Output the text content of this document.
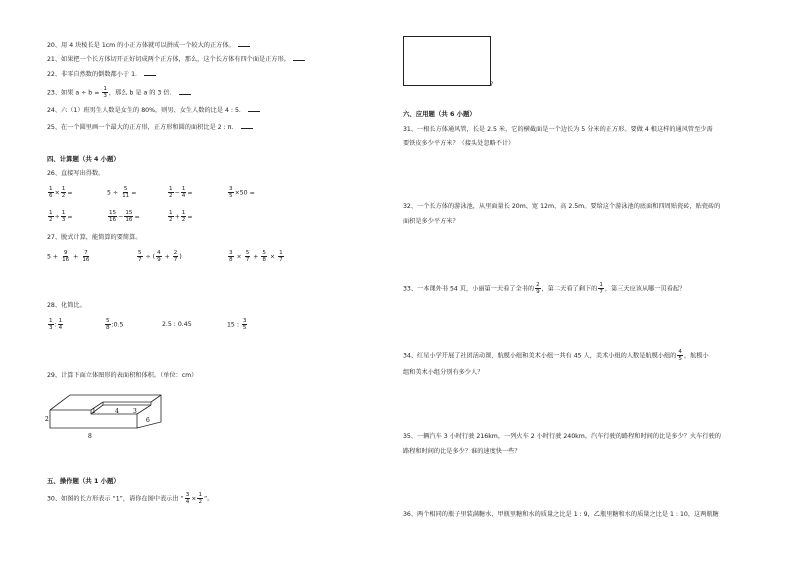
20、用 4 块棱长是 1cm 的小正方体就可以拼成一个较大的正方体。
21、如果把一个长方体切开正好切成两个正方体，那么，这个长方体有四个面是正方形。
22、非零自然数的倒数都小于 1．
23、如果 $a \div b = \frac{1}{3}$ ，那么 b 是 a 的 3 倍．
24、六（1）班男生人数是女生的 80%，则男、女生人数的比是 4 : 5．
25、在一个圆里画一个最大的正方形，正方形和圆的面积比是 2 : π．
四、计算题（共 4 小题）
26、直接写出得数。
$\frac{1}{6} \times \frac{1}{2}$ =	$5 \div \frac{5}{11}$ =	$\frac{1}{2} - \frac{1}{4}$ =	$\frac{3}{5} \times 50$ =
$\frac{1}{2} \div \frac{1}{3}$ =	$\frac{15}{16} - \frac{15}{16}$ =	$\frac{1}{2} + \frac{1}{2}$ =
27、脱式计算，能简算的要简算。
$5 + \frac{9}{16} + \frac{7}{16}$	$\frac{5}{7}$ ÷ ( $\frac{4}{9} + \frac{2}{7}$ )	$\frac{3}{8} \times \frac{5}{7} + \frac{5}{8} \times \frac{1}{7}$
28、化简比。
$\frac{1}{3}$ : $\frac{1}{4}$	$\frac{5}{8}$ :0.5	2.5 : 0.45	15 : $\frac{3}{5}$
29、计算下面立体图形的表面积和体积。（单位：cm）
2
1	4 3
6
8
五、操作题（共 1 小题）
30、如图的长方形表示 “1”，请你在图中表示出 “ $\frac{3}{4} \times \frac{1}{2}$ ”。
?
六、应用题（共 6 小题）
31、一根长方体通风管，长是 2.5 米，它的横截面是一个边长为 5 分米的正方形。要做 4 根这样的通风管至少需
要铁皮多少平方米？（接头处忽略不计）
32、一个长方体的游泳池，从里面量长 20m、宽 12m、高 2.5m。要给这个游泳池的底面和四周贴瓷砖，贴瓷砖的
面积是多少平方米？
33、一本课外书 54 页，小丽第一天看了全书的 $\frac{2}{9}$ ，第二天看了剩下的 $\frac{1}{7}$ ，第三天应该从哪一页看起？
34、红星小学开展了社团活动课，航模小组和美术小组一共有 45 人，美术小组的人数是航模小组的 $\frac{4}{5}$ ，航模小
组和美术小组分别有多少人？
35、一辆汽车 3 小时行驶 216km，一列火车 2 小时行驶 240km。汽车行驶的路程和时间的比是多少？火车行驶的
路程和时间的比是多少？谁的速度快一些？
36、两个相同的瓶子里装满糖水，甲瓶里糖和水的质量之比是 1 : 9，乙瓶里糖和水的质量之比是 1 : 10，这两瓶糖
